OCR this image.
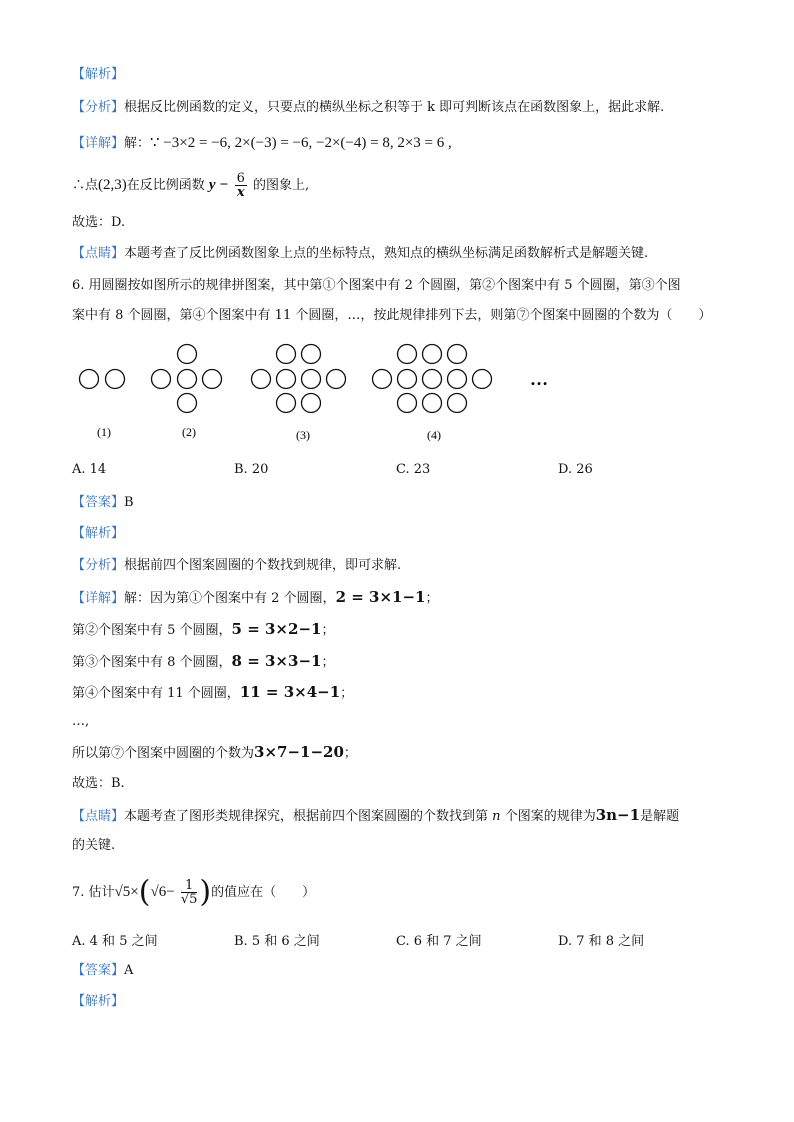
【解析】
【分析】根据反比例函数的定义，只要点的横纵坐标之积等于 k 即可判断该点在函数图象上，据此求解.
【详解】解：∵ −3×2 = −6, 2×(−3) = −6, −2×(−4) = 8, 2×3 = 6 ,
∴点(2,3)在反比例函数 $y - \frac{6}{x}$ 的图象上,
故选：D.
【点睛】本题考查了反比例函数图象上点的坐标特点，熟知点的横纵坐标满足函数解析式是解题关键.
6. 用圆圈按如图所示的规律拼图案，其中第①个图案中有 2 个圆圈，第②个图案中有 5 个圆圈，第③个图
案中有 8 个圆圈，第④个图案中有 11 个圆圈，…，按此规律排列下去，则第⑦个图案中圆圈的个数为（　　）
…
(1)	(2)	(3)	(4)
A. 14	B. 20	C. 23	D. 26
【答案】B
【解析】
【分析】根据前四个图案圆圈的个数找到规律，即可求解.
【详解】解：因为第①个图案中有 2 个圆圈，2 = 3×1−1；
第②个图案中有 5 个圆圈，5 = 3×2−1；
第③个图案中有 8 个圆圈，8 = 3×3−1；
第④个图案中有 11 个圆圈，11 = 3×4−1；
…,
所以第⑦个图案中圆圈的个数为3×7−1−20；
故选：B.
【点睛】本题考查了图形类规律探究，根据前四个图案圆圈的个数找到第 n 个图案的规律为3n−1是解题
的关键.
7. 估计$√5\times(√6- \frac{1}{√5}$ )的值应在（　　）
A. 4 和 5 之间	B. 5 和 6 之间	C. 6 和 7 之间	D. 7 和 8 之间
【答案】A
【解析】
